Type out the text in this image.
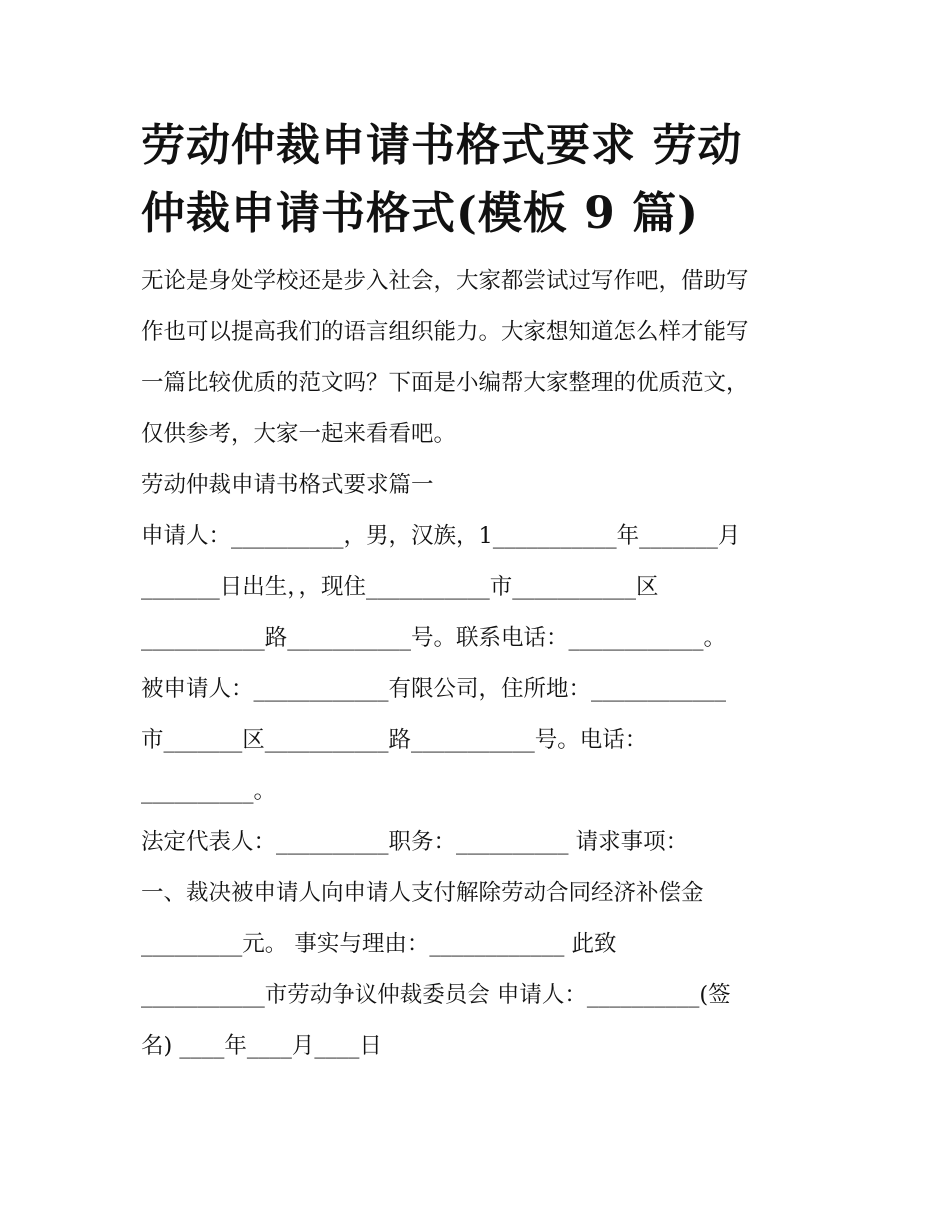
劳动仲裁申请书格式要求 劳动
仲裁申请书格式(模板 9 篇)

无论是身处学校还是步入社会，大家都尝试过写作吧，借助写
作也可以提高我们的语言组织能力。大家想知道怎么样才能写
一篇比较优质的范文吗？下面是小编帮大家整理的优质范文，
仅供参考，大家一起来看看吧。

劳动仲裁申请书格式要求篇一

申请人：__________，男，汉族，1___________年_______月
_______日出生，，现住___________市___________区
___________路___________号。联系电话：____________。
被申请人：____________有限公司，住所地：____________
市_______区___________路___________号。电话：
__________。
法定代表人：__________职务：__________ 请求事项：
一、裁决被申请人向申请人支付解除劳动合同经济补偿金
_________元。 事实与理由：____________ 此致
___________市劳动争议仲裁委员会 申请人：__________(签
名) ____年____月____日
